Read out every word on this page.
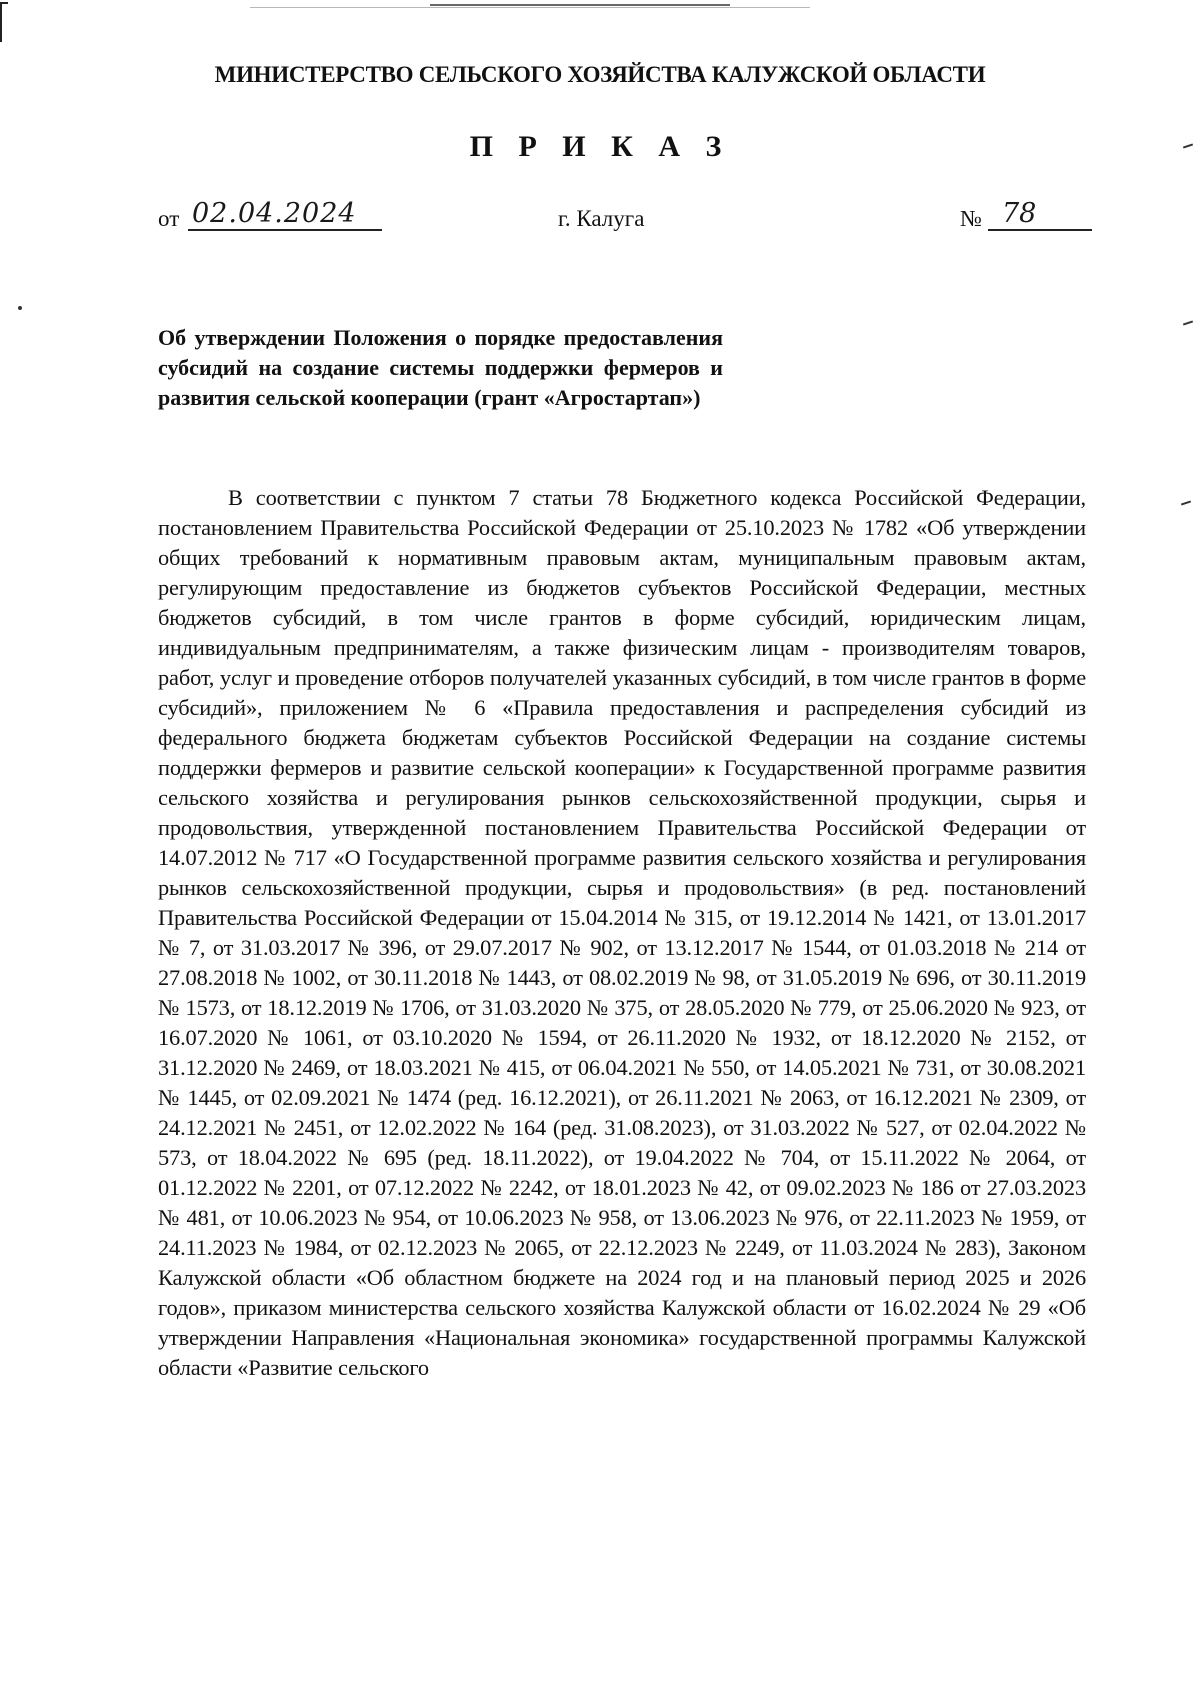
МИНИСТЕРСТВО СЕЛЬСКОГО ХОЗЯЙСТВА КАЛУЖСКОЙ ОБЛАСТИ
П Р И К А З
от 02.04.2024	г. Калуга	№ 78
Об утверждении Положения о порядке предоставления субсидий на создание системы поддержки фермеров и развития сельской кооперации (грант «Агростартап»)
В соответствии с пунктом 7 статьи 78 Бюджетного кодекса Российской Федерации, постановлением Правительства Российской Федерации от 25.10.2023 № 1782 «Об утверждении общих требований к нормативным правовым актам, муниципальным правовым актам, регулирующим предоставление из бюджетов субъектов Российской Федерации, местных бюджетов субсидий, в том числе грантов в форме субсидий, юридическим лицам, индивидуальным предпринимателям, а также физическим лицам - производителям товаров, работ, услуг и проведение отборов получателей указанных субсидий, в том числе грантов в форме субсидий», приложением № 6 «Правила предоставления и распределения субсидий из федерального бюджета бюджетам субъектов Российской Федерации на создание системы поддержки фермеров и развитие сельской кооперации» к Государственной программе развития сельского хозяйства и регулирования рынков сельскохозяйственной продукции, сырья и продовольствия, утвержденной постановлением Правительства Российской Федерации от 14.07.2012 № 717 «О Государственной программе развития сельского хозяйства и регулирования рынков сельскохозяйственной продукции, сырья и продовольствия» (в ред. постановлений Правительства Российской Федерации от 15.04.2014 № 315, от 19.12.2014 № 1421, от 13.01.2017 № 7, от 31.03.2017 № 396, от 29.07.2017 № 902, от 13.12.2017 № 1544, от 01.03.2018 № 214 от 27.08.2018 № 1002, от 30.11.2018 № 1443, от 08.02.2019 № 98, от 31.05.2019 № 696, от 30.11.2019 № 1573, от 18.12.2019 № 1706, от 31.03.2020 № 375, от 28.05.2020 № 779, от 25.06.2020 № 923, от 16.07.2020 № 1061, от 03.10.2020 № 1594, от 26.11.2020 № 1932, от 18.12.2020 № 2152, от 31.12.2020 № 2469, от 18.03.2021 № 415, от 06.04.2021 № 550, от 14.05.2021 № 731, от 30.08.2021 № 1445, от 02.09.2021 № 1474 (ред. 16.12.2021), от 26.11.2021 № 2063, от 16.12.2021 № 2309, от 24.12.2021 № 2451, от 12.02.2022 № 164 (ред. 31.08.2023), от 31.03.2022 № 527, от 02.04.2022 № 573, от 18.04.2022 № 695 (ред. 18.11.2022), от 19.04.2022 № 704, от 15.11.2022 № 2064, от 01.12.2022 № 2201, от 07.12.2022 № 2242, от 18.01.2023 № 42, от 09.02.2023 № 186 от 27.03.2023 № 481, от 10.06.2023 № 954, от 10.06.2023 № 958, от 13.06.2023 № 976, от 22.11.2023 № 1959, от 24.11.2023 № 1984, от 02.12.2023 № 2065, от 22.12.2023 № 2249, от 11.03.2024 № 283), Законом Калужской области «Об областном бюджете на 2024 год и на плановый период 2025 и 2026 годов», приказом министерства сельского хозяйства Калужской области от 16.02.2024 № 29 «Об утверждении Направления «Национальная экономика» государственной программы Калужской области «Развитие сельского
